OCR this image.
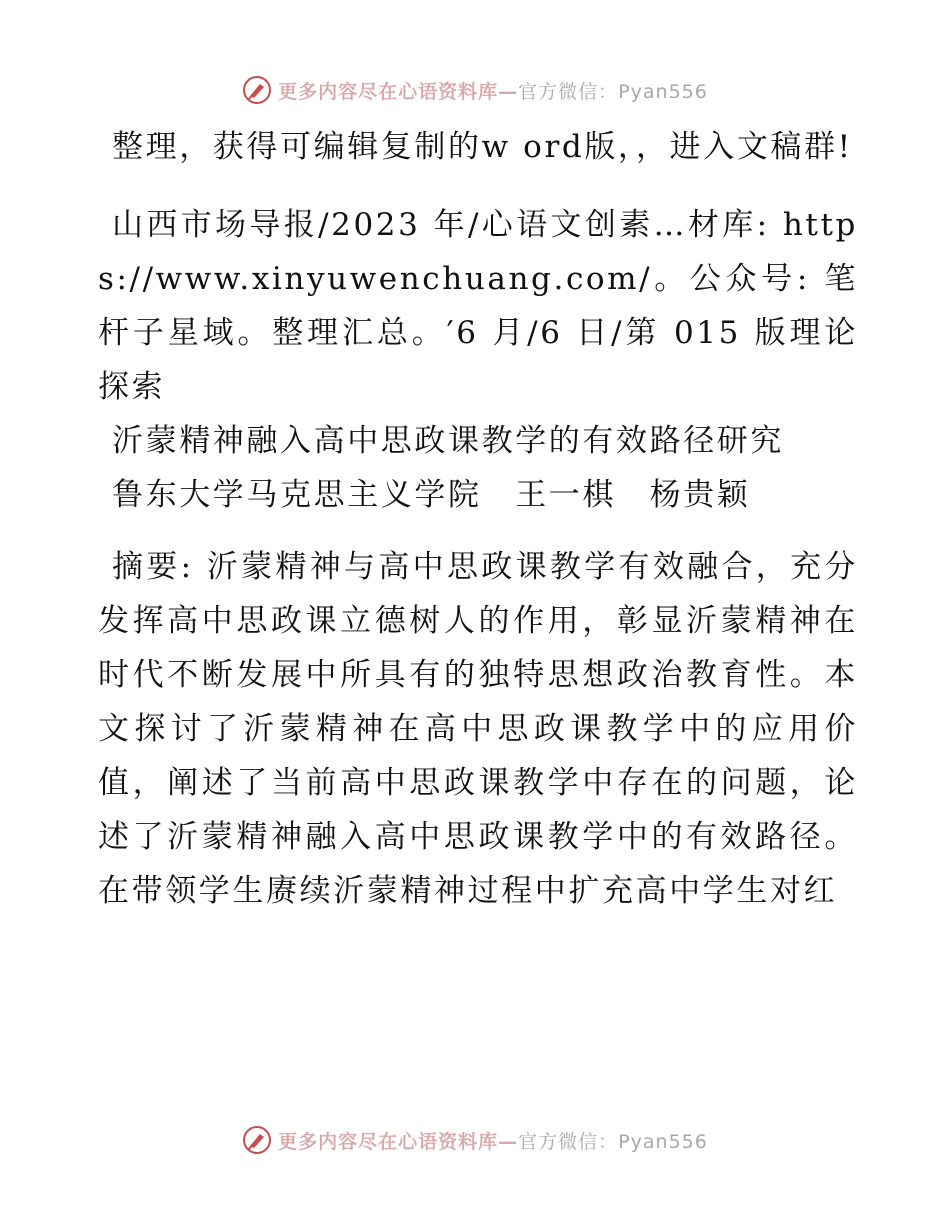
更多内容尽在心语资料库—官方微信：Pyan556

整理，获得可编辑复制的w ord版，，进入文稿群!

山西市场导报/2023 年/心语文创素…材库: https://www.xinyuwenchuang.com/。公众号: 笔杆子星域。整理汇总。′6 月/6 日/第 015 版理论探索

沂蒙精神融入高中思政课教学的有效路径研究

鲁东大学马克思主义学院　王一棋　杨贵颖

摘要: 沂蒙精神与高中思政课教学有效融合，充分发挥高中思政课立德树人的作用，彰显沂蒙精神在时代不断发展中所具有的独特思想政治教育性。本文探讨了沂蒙精神在高中思政课教学中的应用价值，阐述了当前高中思政课教学中存在的问题，论述了沂蒙精神融入高中思政课教学中的有效路径。在带领学生赓续沂蒙精神过程中扩充高中学生对红

更多内容尽在心语资料库—官方微信：Pyan556
